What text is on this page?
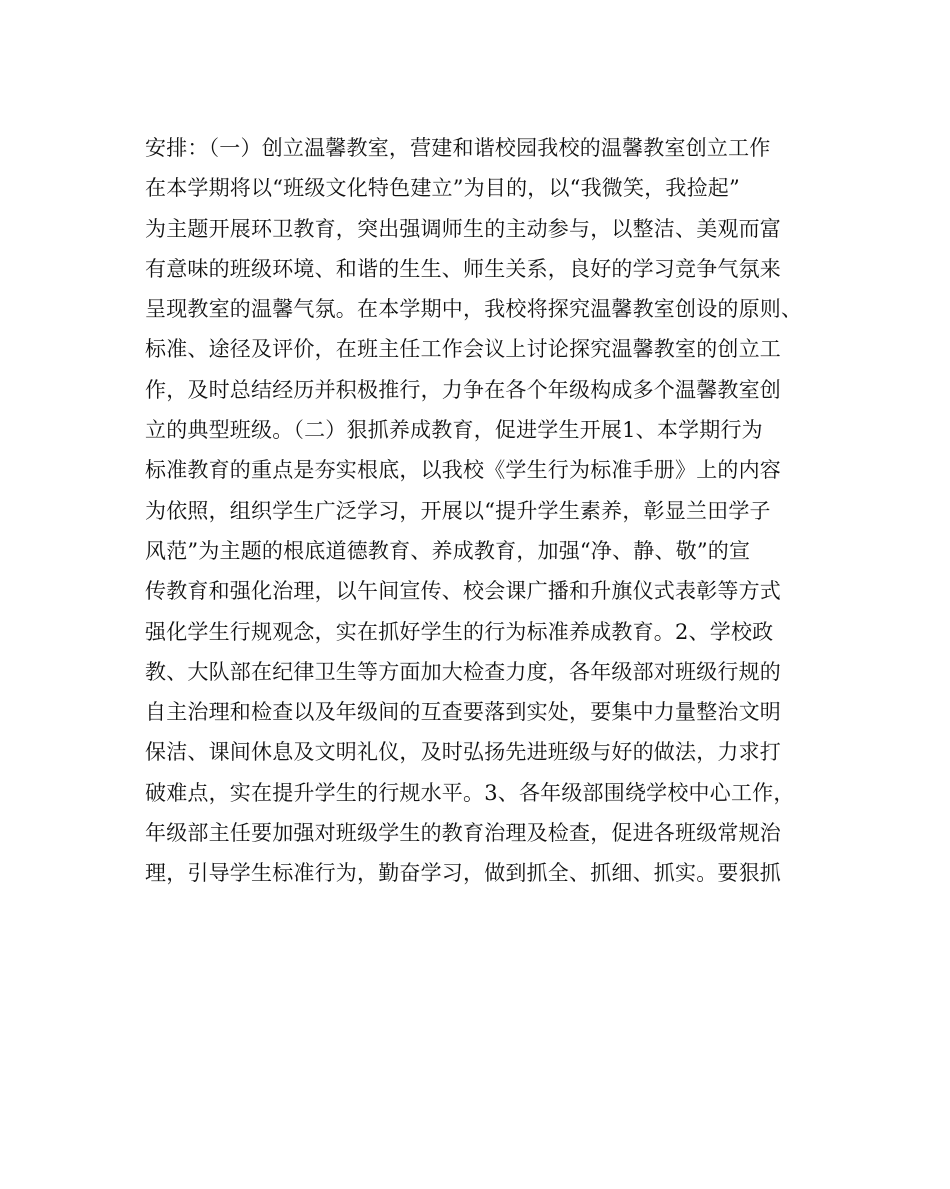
安排：（一）创立温馨教室，营建和谐校园我校的温馨教室创立工作
在本学期将以“班级文化特色建立”为目的，以“我微笑，我捡起”
为主题开展环卫教育，突出强调师生的主动参与，以整洁、美观而富
有意味的班级环境、和谐的生生、师生关系，良好的学习竞争气氛来
呈现教室的温馨气氛。在本学期中，我校将探究温馨教室创设的原则、
标准、途径及评价，在班主任工作会议上讨论探究温馨教室的创立工
作，及时总结经历并积极推行，力争在各个年级构成多个温馨教室创
立的典型班级。（二）狠抓养成教育，促进学生开展1、本学期行为
标准教育的重点是夯实根底，以我校《学生行为标准手册》上的内容
为依照，组织学生广泛学习，开展以“提升学生素养，彰显兰田学子
风范”为主题的根底道德教育、养成教育，加强“净、静、敬”的宣
传教育和强化治理，以午间宣传、校会课广播和升旗仪式表彰等方式
强化学生行规观念，实在抓好学生的行为标准养成教育。2、学校政
教、大队部在纪律卫生等方面加大检查力度，各年级部对班级行规的
自主治理和检查以及年级间的互查要落到实处，要集中力量整治文明
保洁、课间休息及文明礼仪，及时弘扬先进班级与好的做法，力求打
破难点，实在提升学生的行规水平。3、各年级部围绕学校中心工作，
年级部主任要加强对班级学生的教育治理及检查，促进各班级常规治
理，引导学生标准行为，勤奋学习，做到抓全、抓细、抓实。要狠抓
